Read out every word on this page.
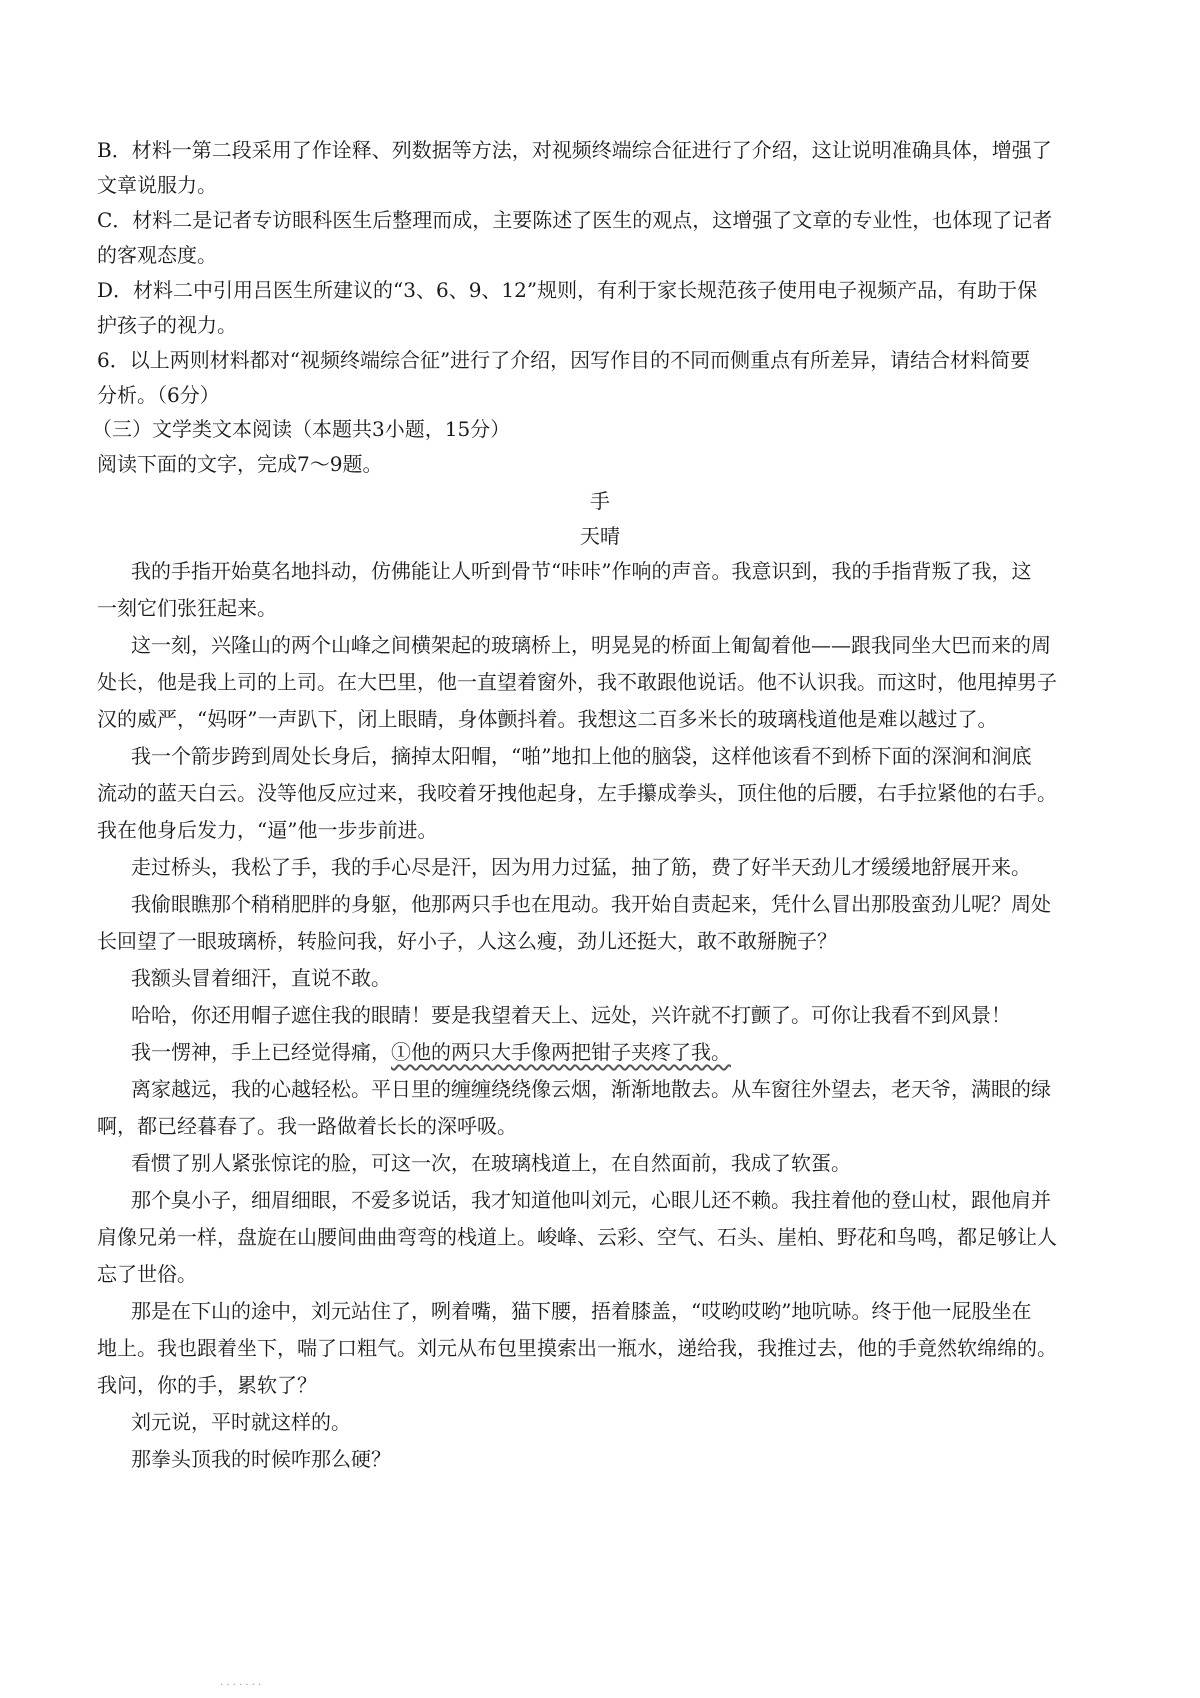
B．材料一第二段采用了作诠释、列数据等方法，对视频终端综合征进行了介绍，这让说明准确具体，增强了
文章说服力。
C．材料二是记者专访眼科医生后整理而成，主要陈述了医生的观点，这增强了文章的专业性，也体现了记者
的客观态度。
D．材料二中引用吕医生所建议的“3、6、9、12”规则，有利于家长规范孩子使用电子视频产品，有助于保
护孩子的视力。
6．以上两则材料都对“视频终端综合征”进行了介绍，因写作目的不同而侧重点有所差异，请结合材料简要
分析。（6分）
（三）文学类文本阅读（本题共3小题，15分）
阅读下面的文字，完成7～9题。
手
天晴
我的手指开始莫名地抖动，仿佛能让人听到骨节“咔咔”作响的声音。我意识到，我的手指背叛了我，这
一刻它们张狂起来。
这一刻，兴隆山的两个山峰之间横架起的玻璃桥上，明晃晃的桥面上匍匐着他——跟我同坐大巴而来的周
处长，他是我上司的上司。在大巴里，他一直望着窗外，我不敢跟他说话。他不认识我。而这时，他甩掉男子
汉的威严，“妈呀”一声趴下，闭上眼睛，身体颤抖着。我想这二百多米长的玻璃栈道他是难以越过了。
我一个箭步跨到周处长身后，摘掉太阳帽，“啪”地扣上他的脑袋，这样他该看不到桥下面的深涧和涧底
流动的蓝天白云。没等他反应过来，我咬着牙拽他起身，左手攥成拳头，顶住他的后腰，右手拉紧他的右手。
我在他身后发力，“逼”他一步步前进。
走过桥头，我松了手，我的手心尽是汗，因为用力过猛，抽了筋，费了好半天劲儿才缓缓地舒展开来。
我偷眼瞧那个稍稍肥胖的身躯，他那两只手也在甩动。我开始自责起来，凭什么冒出那股蛮劲儿呢？周处
长回望了一眼玻璃桥，转脸问我，好小子，人这么瘦，劲儿还挺大，敢不敢掰腕子？
我额头冒着细汗，直说不敢。
哈哈，你还用帽子遮住我的眼睛！要是我望着天上、远处，兴许就不打颤了。可你让我看不到风景！
我一愣神，手上已经觉得痛，①他的两只大手像两把钳子夹疼了我。
离家越远，我的心越轻松。平日里的缠缠绕绕像云烟，渐渐地散去。从车窗往外望去，老天爷，满眼的绿
啊，都已经暮春了。我一路做着长长的深呼吸。
看惯了别人紧张惊诧的脸，可这一次，在玻璃栈道上，在自然面前，我成了软蛋。
那个臭小子，细眉细眼，不爱多说话，我才知道他叫刘元，心眼儿还不赖。我拄着他的登山杖，跟他肩并
肩像兄弟一样，盘旋在山腰间曲曲弯弯的栈道上。峻峰、云彩、空气、石头、崖柏、野花和鸟鸣，都足够让人
忘了世俗。
那是在下山的途中，刘元站住了，咧着嘴，猫下腰，捂着膝盖，“哎哟哎哟”地吭哧。终于他一屁股坐在
地上。我也跟着坐下，喘了口粗气。刘元从布包里摸索出一瓶水，递给我，我推过去，他的手竟然软绵绵的。
我问，你的手，累软了？
刘元说，平时就这样的。
那拳头顶我的时候咋那么硬？
· · · · · · ·
